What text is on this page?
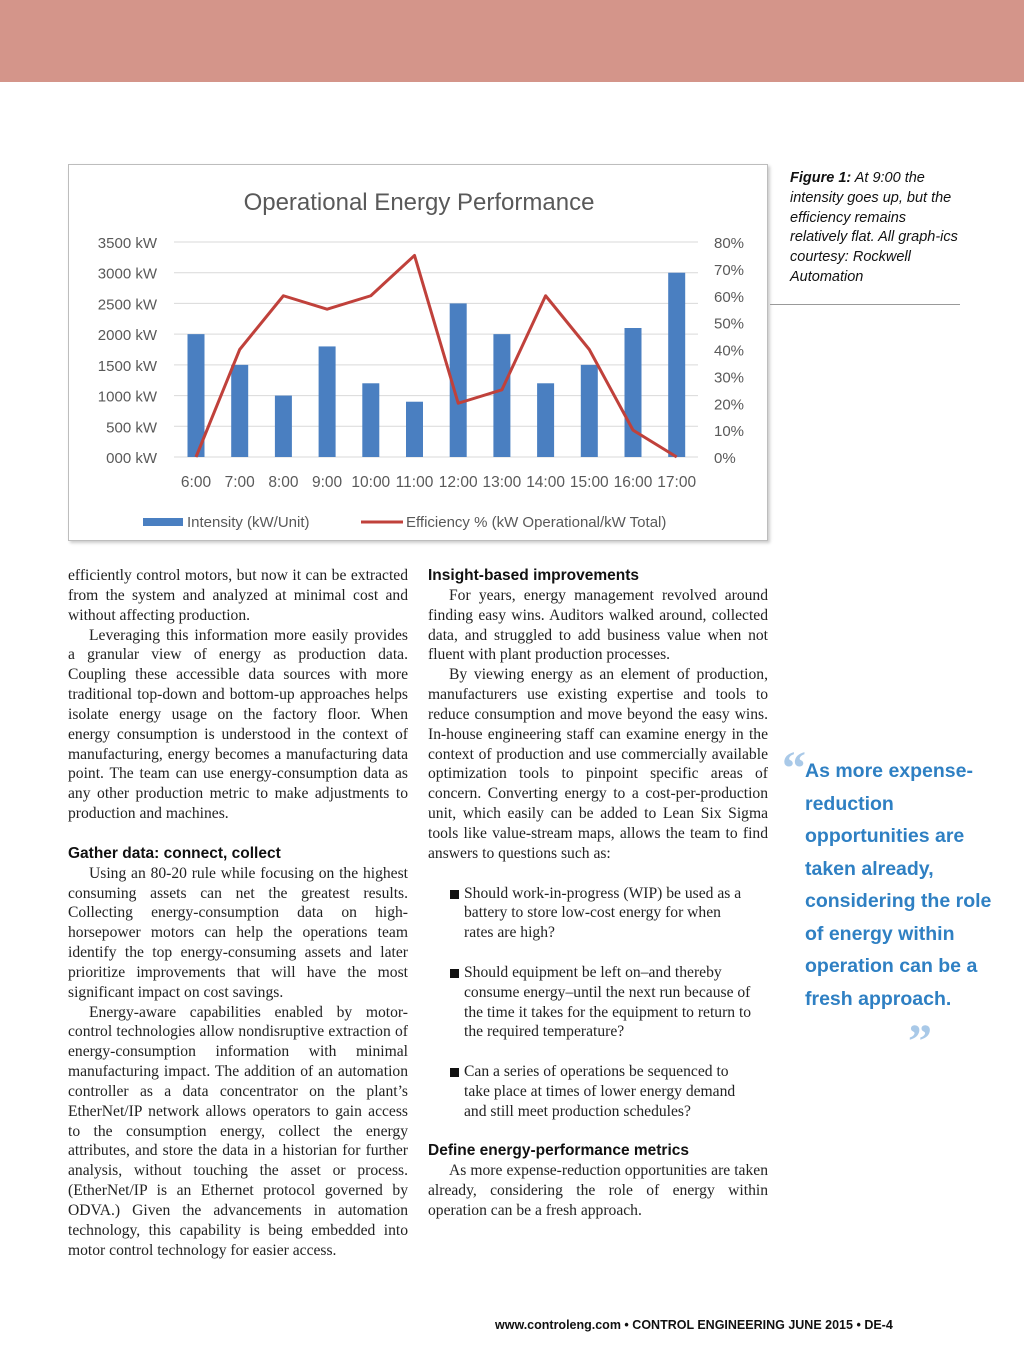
Operational Energy Performance
000 kW
500 kW
1000 kW
1500 kW
2000 kW
2500 kW
3000 kW
3500 kW
0%
10%
20%
30%
40%
50%
60%
70%
80%
6:00 7:00 8:00 9:00 10:00 11:00 12:00 13:00 14:00 15:00 16:00 17:00
Intensity (kW/Unit)	Efficiency % (kW Operational/kW Total)
Figure 1: At 9:00 the intensity goes up, but the efficiency remains relatively flat. All graph-ics courtesy: Rockwell Automation

efficiently control motors, but now it can be extracted from the system and analyzed at minimal cost and without affecting production.

Leveraging this information more easily provides a granular view of energy as production data. Coupling these accessible data sources with more traditional top-down and bottom-up approaches helps isolate energy usage on the factory floor. When energy consumption is understood in the context of manufacturing, energy becomes a manufacturing data point. The team can use energy-consumption data as any other production metric to make adjustments to production and machines.

Gather data: connect, collect

Using an 80-20 rule while focusing on the highest consuming assets can net the greatest results. Collecting energy-consumption data on high-horsepower motors can help the operations team identify the top energy-consuming assets and later prioritize improvements that will have the most significant impact on cost savings.

Energy-aware capabilities enabled by motor-control technologies allow nondisruptive extraction of energy-consumption information with minimal manufacturing impact. The addition of an automation controller as a data concentrator on the plant’s EtherNet/IP network allows operators to gain access to the consumption energy, collect the energy attributes, and store the data in a historian for further analysis, without touching the asset or process. (EtherNet/IP is an Ethernet protocol governed by ODVA.) Given the advancements in automation technology, this capability is being embedded into motor control technology for easier access.

Insight-based improvements

For years, energy management revolved around finding easy wins. Auditors walked around, collected data, and struggled to add business value when not fluent with plant production processes.

By viewing energy as an element of production, manufacturers use existing expertise and tools to reduce consumption and move beyond the easy wins. In-house engineering staff can examine energy in the context of production and use commercially available optimization tools to pinpoint specific areas of concern. Converting energy to a cost-per-production unit, which easily can be added to Lean Six Sigma tools like value-stream maps, allows the team to find answers to questions such as:

Should work-in-progress (WIP) be used as a battery to store low-cost energy for when rates are high?
Should equipment be left on–and thereby consume energy–until the next run because of the time it takes for the equipment to return to the required temperature?
Can a series of operations be sequenced to take place at times of lower energy demand and still meet production schedules?
Define energy-performance metrics

As more expense-reduction opportunities are taken already, considering the role of energy within operation can be a fresh approach.

“ As more expense-reduction opportunities are taken already, considering the role of energy within operation can be a fresh approach.
”
www.controleng.com • CONTROL ENGINEERING JUNE 2015 • DE-4
